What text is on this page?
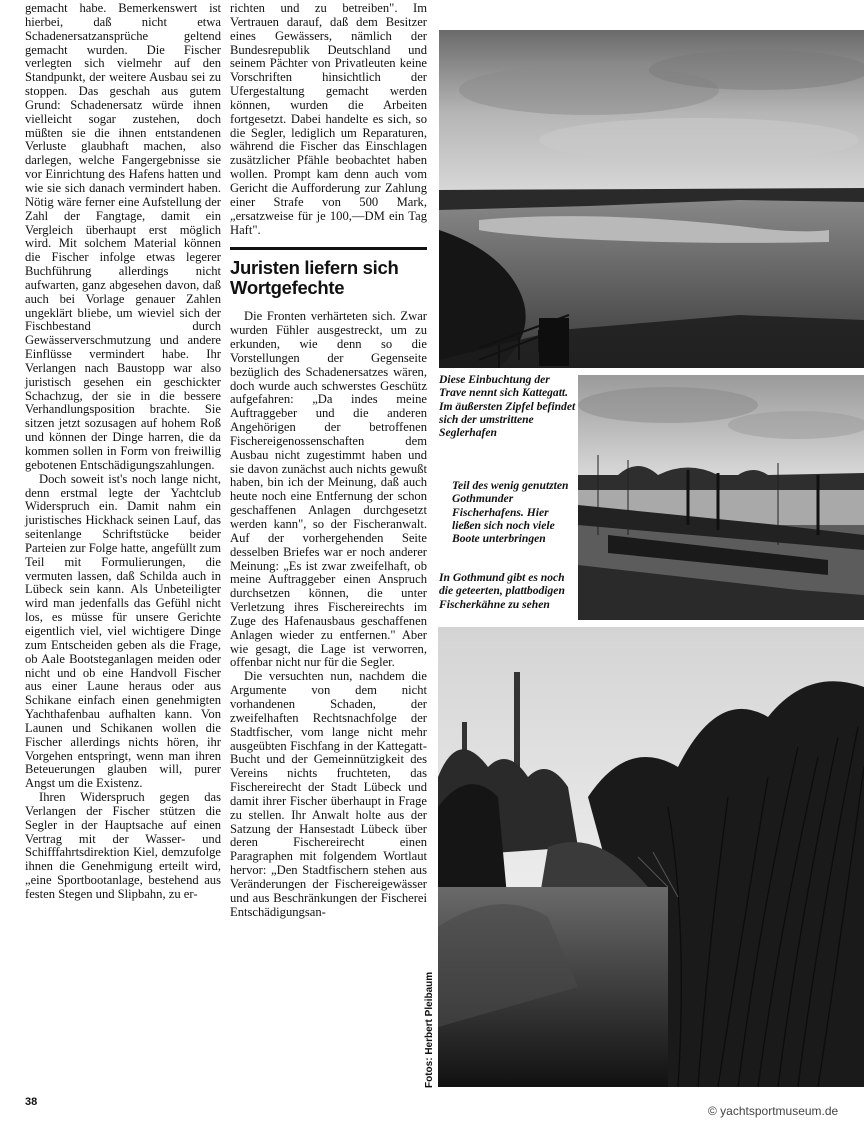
gemacht habe. Bemerkenswert ist hierbei, daß nicht etwa Schadenersatzansprüche geltend gemacht wurden. Die Fischer verlegten sich vielmehr auf den Standpunkt, der weitere Ausbau sei zu stoppen. Das geschah aus gutem Grund: Schadenersatz würde ihnen vielleicht sogar zustehen, doch müßten sie die ihnen entstandenen Verluste glaubhaft machen, also darlegen, welche Fangergebnisse sie vor Einrichtung des Hafens hatten und wie sie sich danach vermindert haben. Nötig wäre ferner eine Aufstellung der Zahl der Fangtage, damit ein Vergleich überhaupt erst möglich wird. Mit solchem Material können die Fischer infolge etwas legerer Buchführung allerdings nicht aufwarten, ganz abgesehen davon, daß auch bei Vorlage genauer Zahlen ungeklärt bliebe, um wieviel sich der Fischbestand durch Gewässerverschmutzung und andere Einflüsse vermindert habe. Ihr Verlangen nach Baustopp war also juristisch gesehen ein geschickter Schachzug, der sie in die bessere Verhandlungsposition brachte. Sie sitzen jetzt sozusagen auf hohem Roß und können der Dinge harren, die da kommen sollen in Form von freiwillig gebotenen Entschädigungszahlungen.

Doch soweit ist's noch lange nicht, denn erstmal legte der Yachtclub Widerspruch ein. Damit nahm ein juristisches Hickhack seinen Lauf, das seitenlange Schriftstücke beider Parteien zur Folge hatte, angefüllt zum Teil mit Formulierungen, die vermuten lassen, daß Schilda auch in Lübeck sein kann. Als Unbeteiligter wird man jedenfalls das Gefühl nicht los, es müsse für unsere Gerichte eigentlich viel, viel wichtigere Dinge zum Entscheiden geben als die Frage, ob Aale Bootsteganlagen meiden oder nicht und ob eine Handvoll Fischer aus einer Laune heraus oder aus Schikane einfach einen genehmigten Yachthafenbau aufhalten kann. Von Launen und Schikanen wollen die Fischer allerdings nichts hören, ihr Vorgehen entspringt, wenn man ihren Beteuerungen glauben will, purer Angst um die Existenz.

Ihren Widerspruch gegen das Verlangen der Fischer stützen die Segler in der Hauptsache auf einen Vertrag mit der Wasser- und Schifffahrtsdirektion Kiel, demzufolge ihnen die Genehmigung erteilt wird, „eine Sportbootanlage, bestehend aus festen Stegen und Slipbahn, zu er-

richten und zu betreiben". Im Vertrauen darauf, daß dem Besitzer eines Gewässers, nämlich der Bundesrepublik Deutschland und seinem Pächter von Privatleuten keine Vorschriften hinsichtlich der Ufergestaltung gemacht werden können, wurden die Arbeiten fortgesetzt. Dabei handelte es sich, so die Segler, lediglich um Reparaturen, während die Fischer das Einschlagen zusätzlicher Pfähle beobachtet haben wollen. Prompt kam denn auch vom Gericht die Aufforderung zur Zahlung einer Strafe von 500 Mark, „ersatzweise für je 100,—DM ein Tag Haft".

Juristen liefern sich Wortgefechte

Die Fronten verhärteten sich. Zwar wurden Fühler ausgestreckt, um zu erkunden, wie denn so die Vorstellungen der Gegenseite bezüglich des Schadenersatzes wären, doch wurde auch schwerstes Geschütz aufgefahren: „Da indes meine Auftraggeber und die anderen Angehörigen der betroffenen Fischereigenossenschaften dem Ausbau nicht zugestimmt haben und sie davon zunächst auch nichts gewußt haben, bin ich der Meinung, daß auch heute noch eine Entfernung der schon geschaffenen Anlagen durchgesetzt werden kann", so der Fischeranwalt. Auf der vorhergehenden Seite desselben Briefes war er noch anderer Meinung: „Es ist zwar zweifelhaft, ob meine Auftraggeber einen Anspruch durchsetzen können, die unter Verletzung ihres Fischereirechts im Zuge des Hafenausbaus geschaffenen Anlagen wieder zu entfernen." Aber wie gesagt, die Lage ist verworren, offenbar nicht nur für die Segler.

Die versuchten nun, nachdem die Argumente von dem nicht vorhandenen Schaden, der zweifelhaften Rechtsnachfolge der Stadtfischer, vom lange nicht mehr ausgeübten Fischfang in der Kattegatt-Bucht und der Gemeinnützigkeit des Vereins nichts fruchteten, das Fischereirecht der Stadt Lübeck und damit ihrer Fischer überhaupt in Frage zu stellen. Ihr Anwalt holte aus der Satzung der Hansestadt Lübeck über deren Fischereirecht einen Paragraphen mit folgendem Wortlaut hervor: „Den Stadtfischern stehen aus Veränderungen der Fischereigewässer und aus Beschränkungen der Fischerei Entschädigungsan-

Diese Einbuchtung der Trave nennt sich Kattegatt. Im äußersten Zipfel befindet sich der umstrittene Seglerhafen
Teil des wenig genutzten Gothmunder Fischerhafens. Hier ließen sich noch viele Boote unterbringen
In Gothmund gibt es noch die geteerten, plattbodigen Fischerkähne zu sehen
Fotos: Herbert Pleibaum
38
© yachtsportmuseum.de
